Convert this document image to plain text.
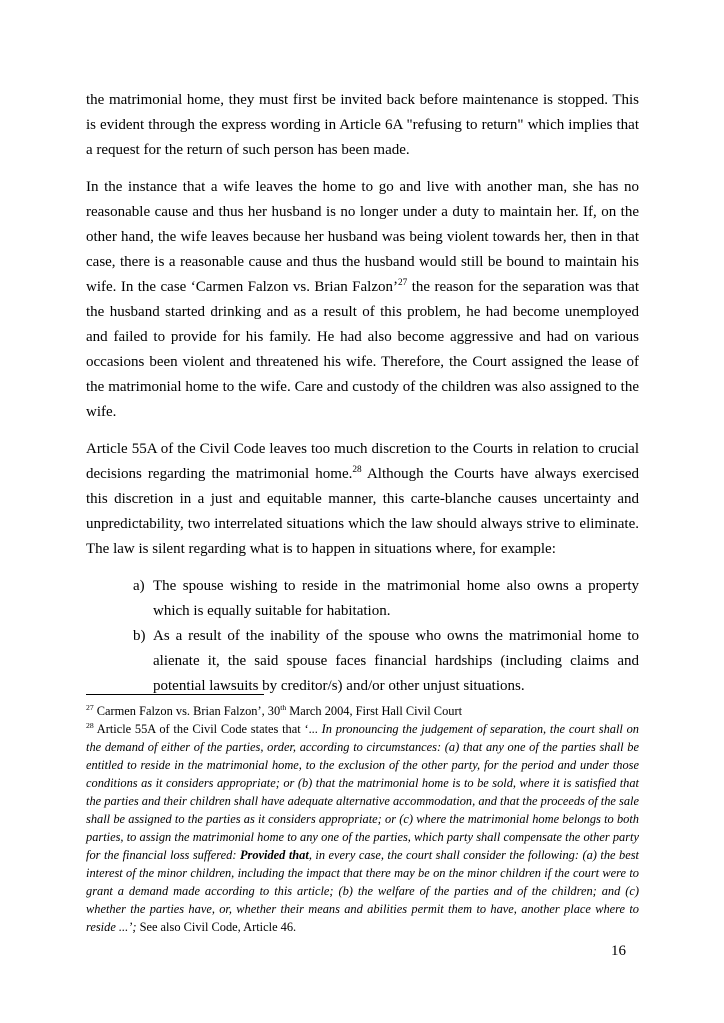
the matrimonial home, they must first be invited back before maintenance is stopped. This is evident through the express wording in Article 6A "refusing to return" which implies that a request for the return of such person has been made.

In the instance that a wife leaves the home to go and live with another man, she has no reasonable cause and thus her husband is no longer under a duty to maintain her. If, on the other hand, the wife leaves because her husband was being violent towards her, then in that case, there is a reasonable cause and thus the husband would still be bound to maintain his wife. In the case ‘Carmen Falzon vs. Brian Falzon’$^{27}$ the reason for the separation was that the husband started drinking and as a result of this problem, he had become unemployed and failed to provide for his family. He had also become aggressive and had on various occasions been violent and threatened his wife. Therefore, the Court assigned the lease of the matrimonial home to the wife. Care and custody of the children was also assigned to the wife.

Article 55A of the Civil Code leaves too much discretion to the Courts in relation to crucial decisions regarding the matrimonial home.$^{28}$ Although the Courts have always exercised this discretion in a just and equitable manner, this carte-blanche causes uncertainty and unpredictability, two interrelated situations which the law should always strive to eliminate. The law is silent regarding what is to happen in situations where, for example:

a) The spouse wishing to reside in the matrimonial home also owns a property which is equally suitable for habitation.
b) As a result of the inability of the spouse who owns the matrimonial home to alienate it, the said spouse faces financial hardships (including claims and potential lawsuits by creditor/s) and/or other unjust situations.

$^{27}$ Carmen Falzon vs. Brian Falzon’, 30th March 2004, First Hall Civil Court

$^{28}$ Article 55A of the Civil Code states that ‘... In pronouncing the judgement of separation, the court shall on the demand of either of the parties, order, according to circumstances: (a) that any one of the parties shall be entitled to reside in the matrimonial home, to the exclusion of the other party, for the period and under those conditions as it considers appropriate; or (b) that the matrimonial home is to be sold, where it is satisfied that the parties and their children shall have adequate alternative accommodation, and that the proceeds of the sale shall be assigned to the parties as it considers appropriate; or (c) where the matrimonial home belongs to both parties, to assign the matrimonial home to any one of the parties, which party shall compensate the other party for the financial loss suffered: Provided that, in every case, the court shall consider the following: (a) the best interest of the minor children, including the impact that there may be on the minor children if the court were to grant a demand made according to this article; (b) the welfare of the parties and of the children; and (c) whether the parties have, or, whether their means and abilities permit them to have, another place where to reside ...’; See also Civil Code, Article 46.

16
